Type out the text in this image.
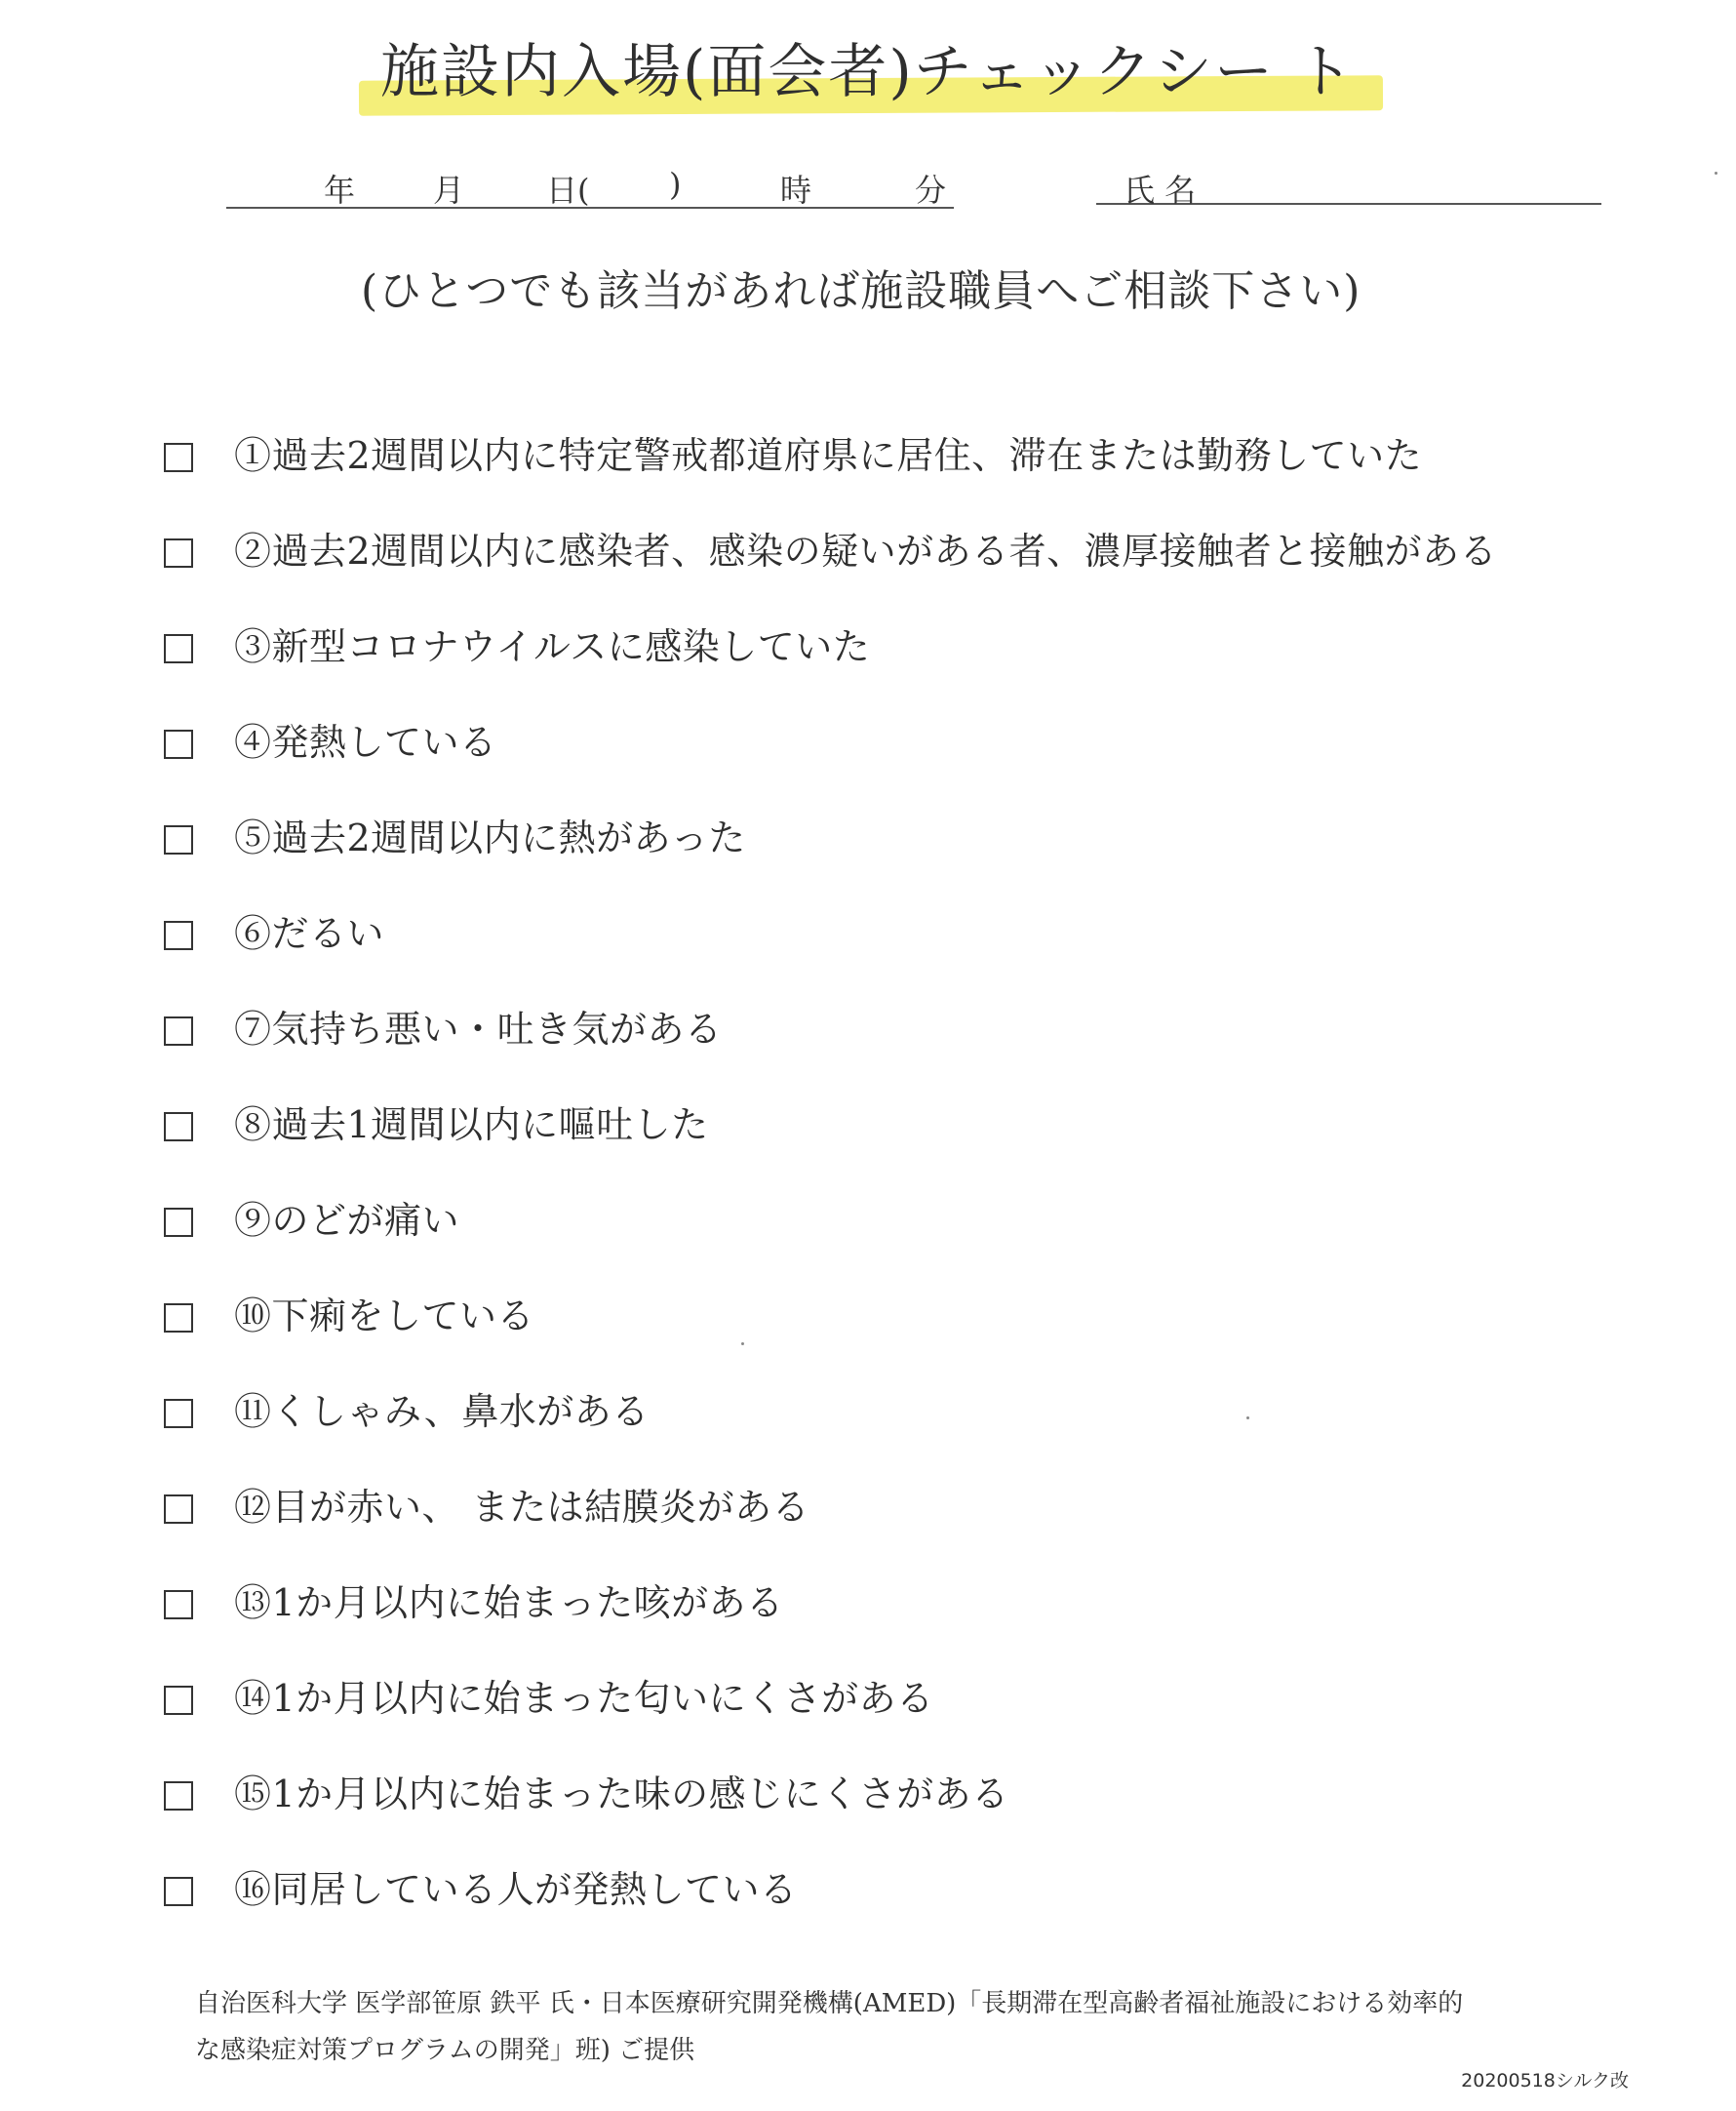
施設内入場(面会者)チェックシー ト
年 月	日(	)	時	分	氏 名
(ひとつでも該当があれば施設職員へご相談下さい)
①過去2週間以内に特定警戒都道府県に居住、滞在または勤務していた
②過去2週間以内に感染者、感染の疑いがある者、濃厚接触者と接触がある
③新型コロナウイルスに感染していた
④発熱している
⑤過去2週間以内に熱があった
⑥だるい
⑦気持ち悪い・吐き気がある
⑧過去1週間以内に嘔吐した
⑨のどが痛い
⑩下痢をしている
⑪くしゃみ、鼻水がある
⑫目が赤い、 または結膜炎がある
⑬1か月以内に始まった咳がある
⑭1か月以内に始まった匂いにくさがある
⑮1か月以内に始まった味の感じにくさがある
⑯同居している人が発熱している
自治医科大学 医学部笹原 鉄平 氏・日本医療研究開発機構(AMED)「長期滞在型高齢者福祉施設における効率的
な感染症対策プログラムの開発」班) ご提供
20200518シルク改
